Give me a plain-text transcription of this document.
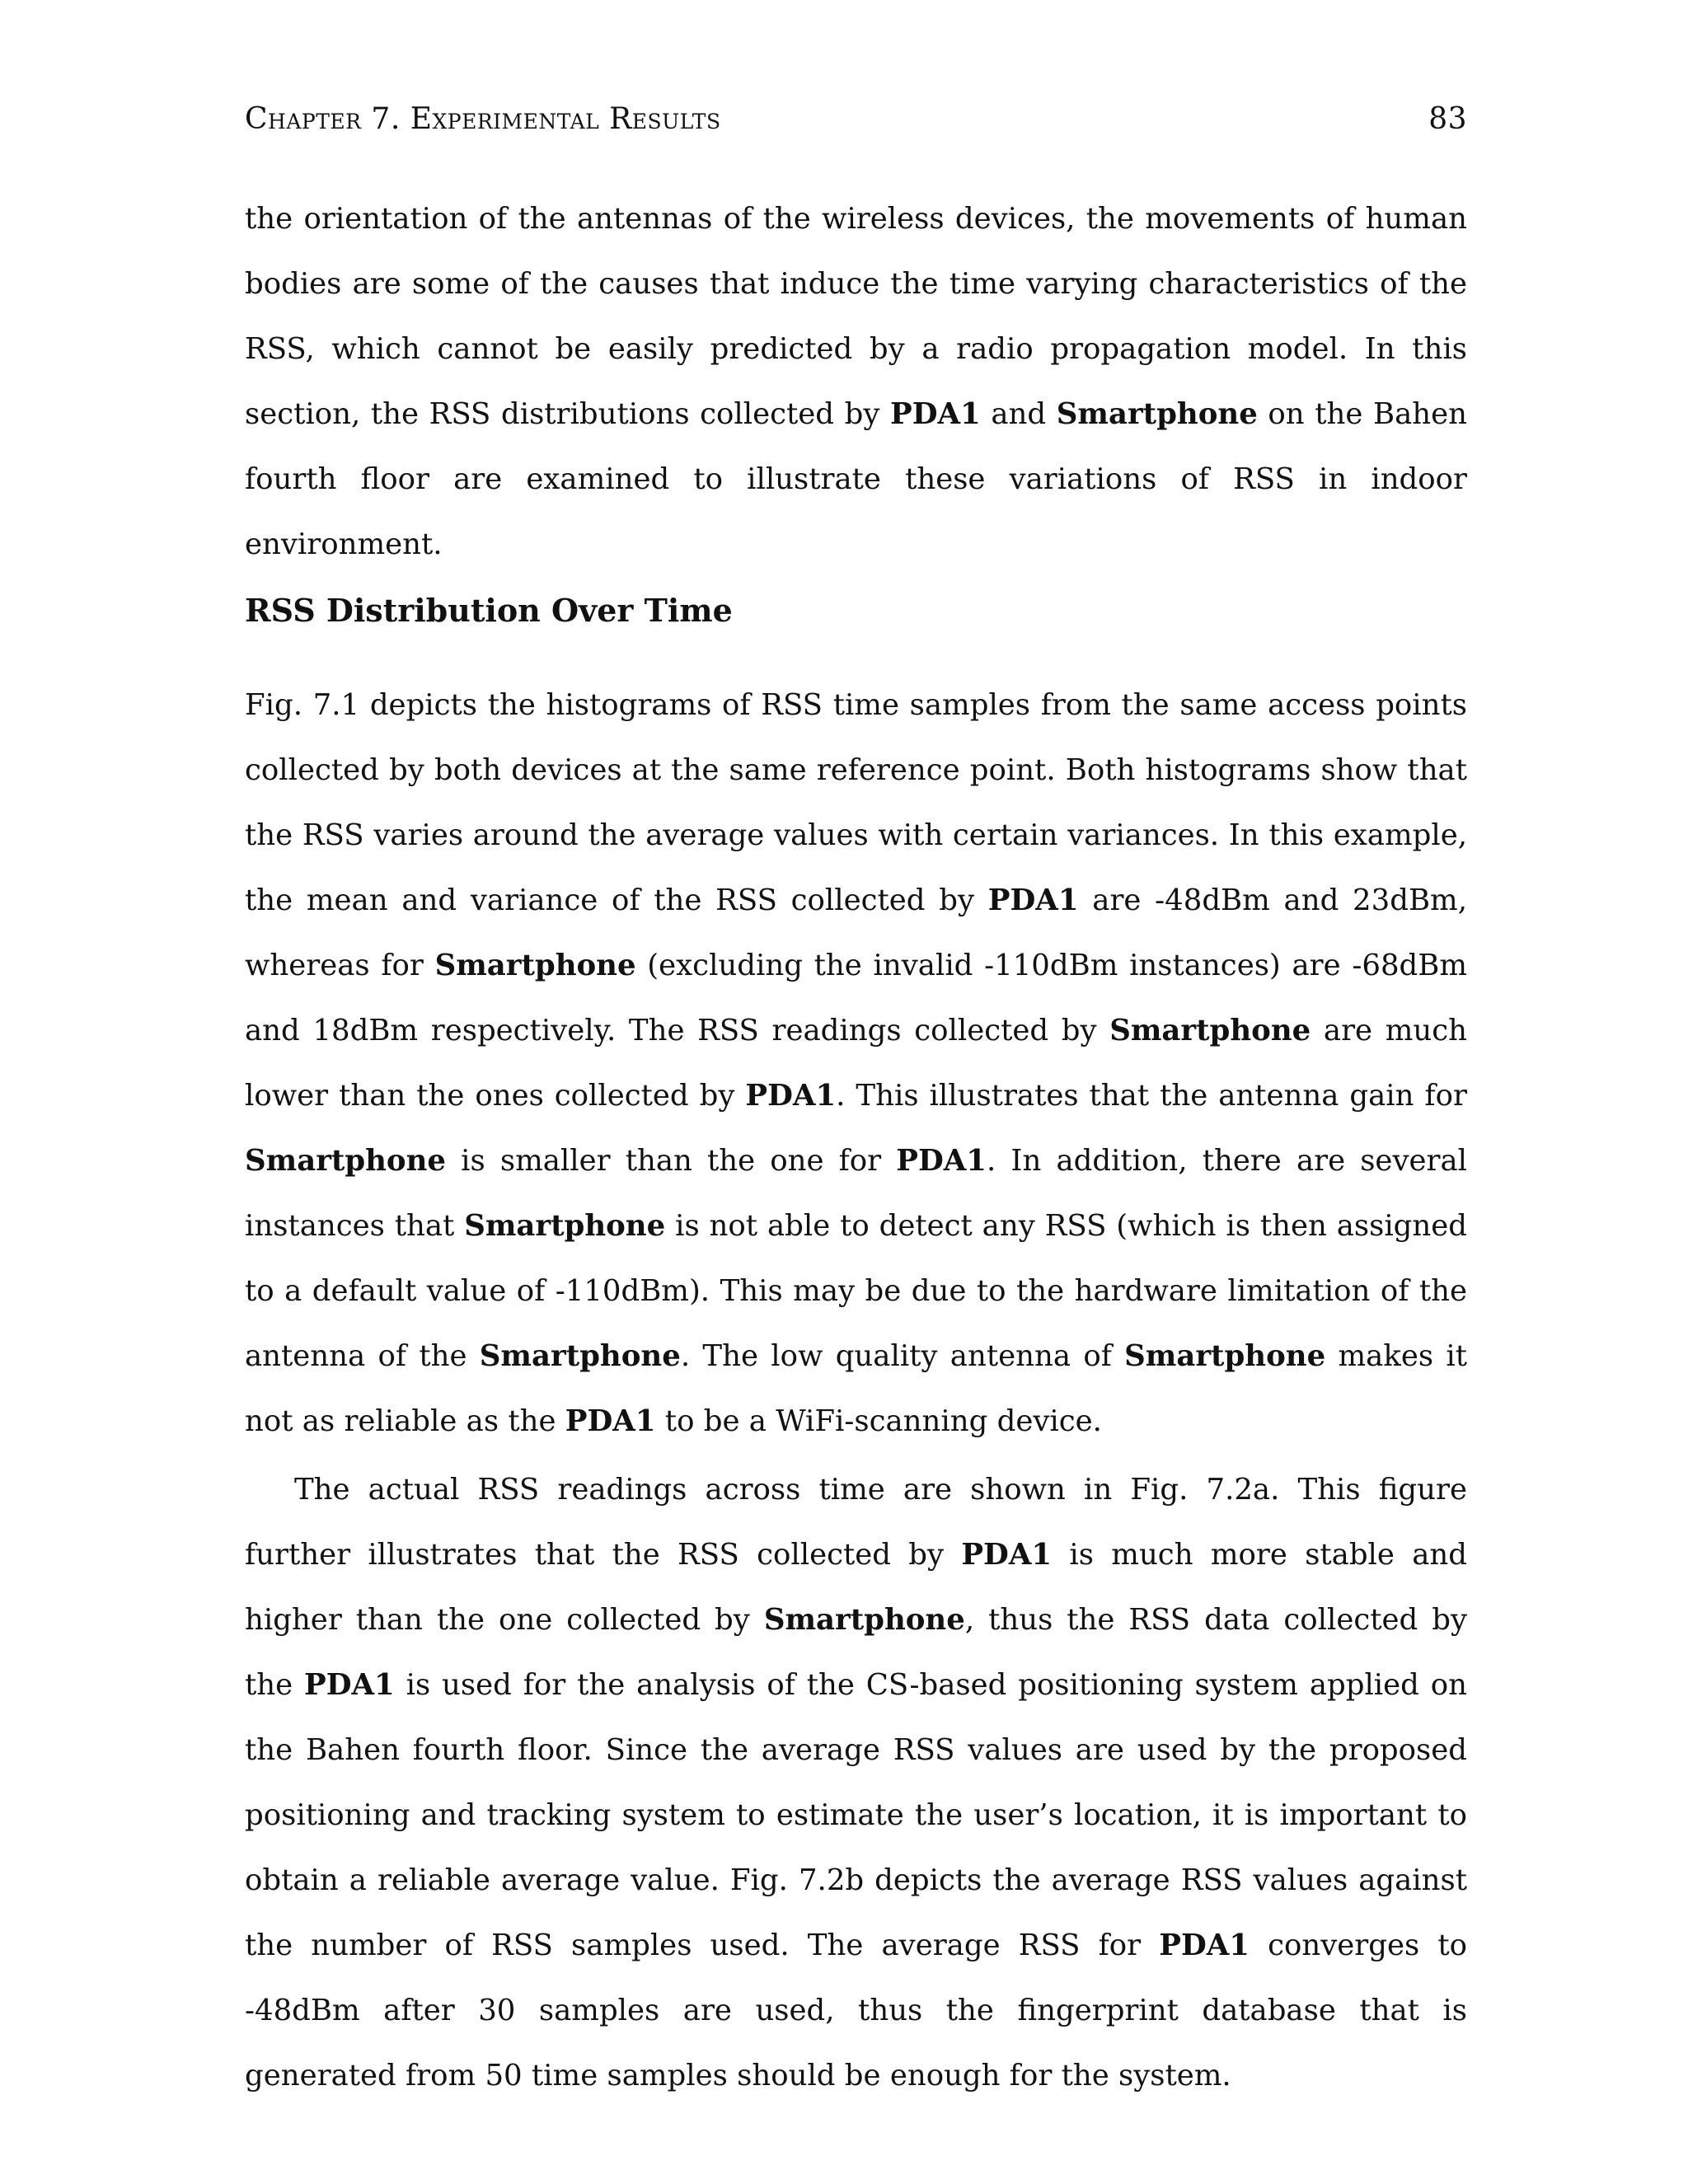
Chapter 7. Experimental Results	83

the orientation of the antennas of the wireless devices, the movements of human bodies are some of the causes that induce the time varying characteristics of the RSS, which cannot be easily predicted by a radio propagation model. In this section, the RSS distributions collected by PDA1 and Smartphone on the Bahen fourth floor are examined to illustrate these variations of RSS in indoor environment.

RSS Distribution Over Time

Fig. 7.1 depicts the histograms of RSS time samples from the same access points collected by both devices at the same reference point. Both histograms show that the RSS varies around the average values with certain variances. In this example, the mean and variance of the RSS collected by PDA1 are -48dBm and 23dBm, whereas for Smartphone (excluding the invalid -110dBm instances) are -68dBm and 18dBm respectively. The RSS readings collected by Smartphone are much lower than the ones collected by PDA1. This illustrates that the antenna gain for Smartphone is smaller than the one for PDA1. In addition, there are several instances that Smartphone is not able to detect any RSS (which is then assigned to a default value of -110dBm). This may be due to the hardware limitation of the antenna of the Smartphone. The low quality antenna of Smartphone makes it not as reliable as the PDA1 to be a WiFi-scanning device.

The actual RSS readings across time are shown in Fig. 7.2a. This figure further illustrates that the RSS collected by PDA1 is much more stable and higher than the one collected by Smartphone, thus the RSS data collected by the PDA1 is used for the analysis of the CS-based positioning system applied on the Bahen fourth floor. Since the average RSS values are used by the proposed positioning and tracking system to estimate the user’s location, it is important to obtain a reliable average value. Fig. 7.2b depicts the average RSS values against the number of RSS samples used. The average RSS for PDA1 converges to -48dBm after 30 samples are used, thus the fingerprint database that is generated from 50 time samples should be enough for the system.
